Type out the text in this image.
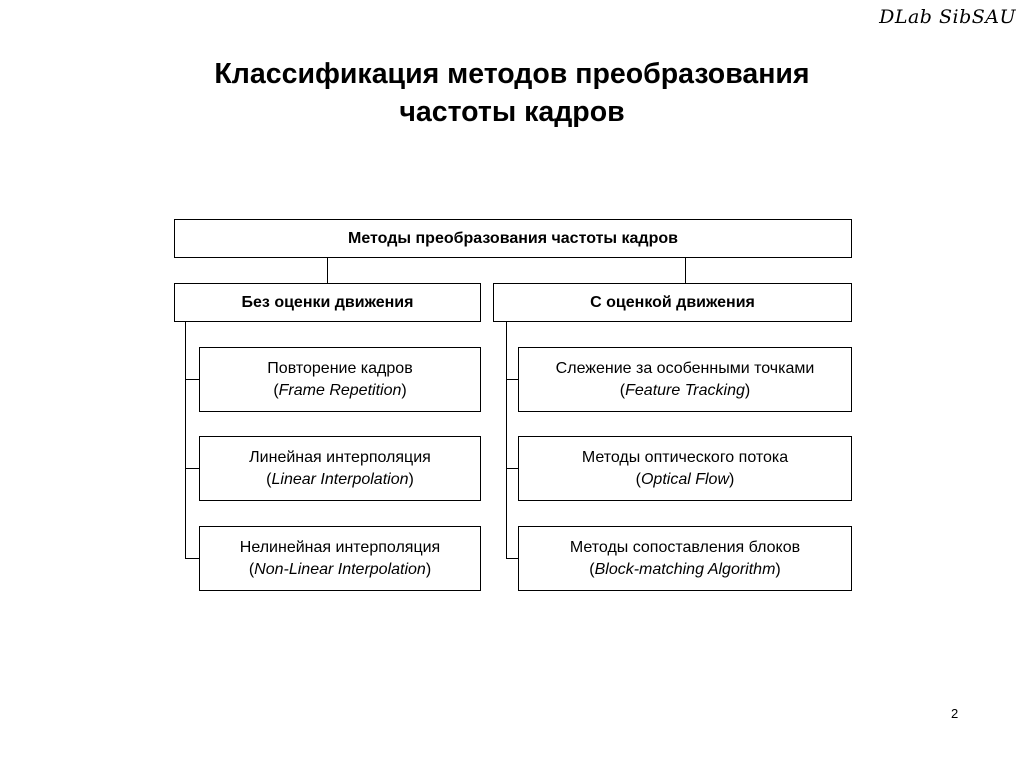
DLab SibSAU
Классификация методов преобразования
частоты кадров
Методы преобразования частоты кадров
Без оценки движения	С оценкой движения
Повторение кадров
(Frame Repetition)
Линейная интерполяция
(Linear Interpolation)
Нелинейная интерполяция
(Non-Linear Interpolation)
Слежение за особенными точками
(Feature Tracking)
Методы оптического потока
(Optical Flow)
Методы сопоставления блоков
(Block-matching Algorithm)
2
